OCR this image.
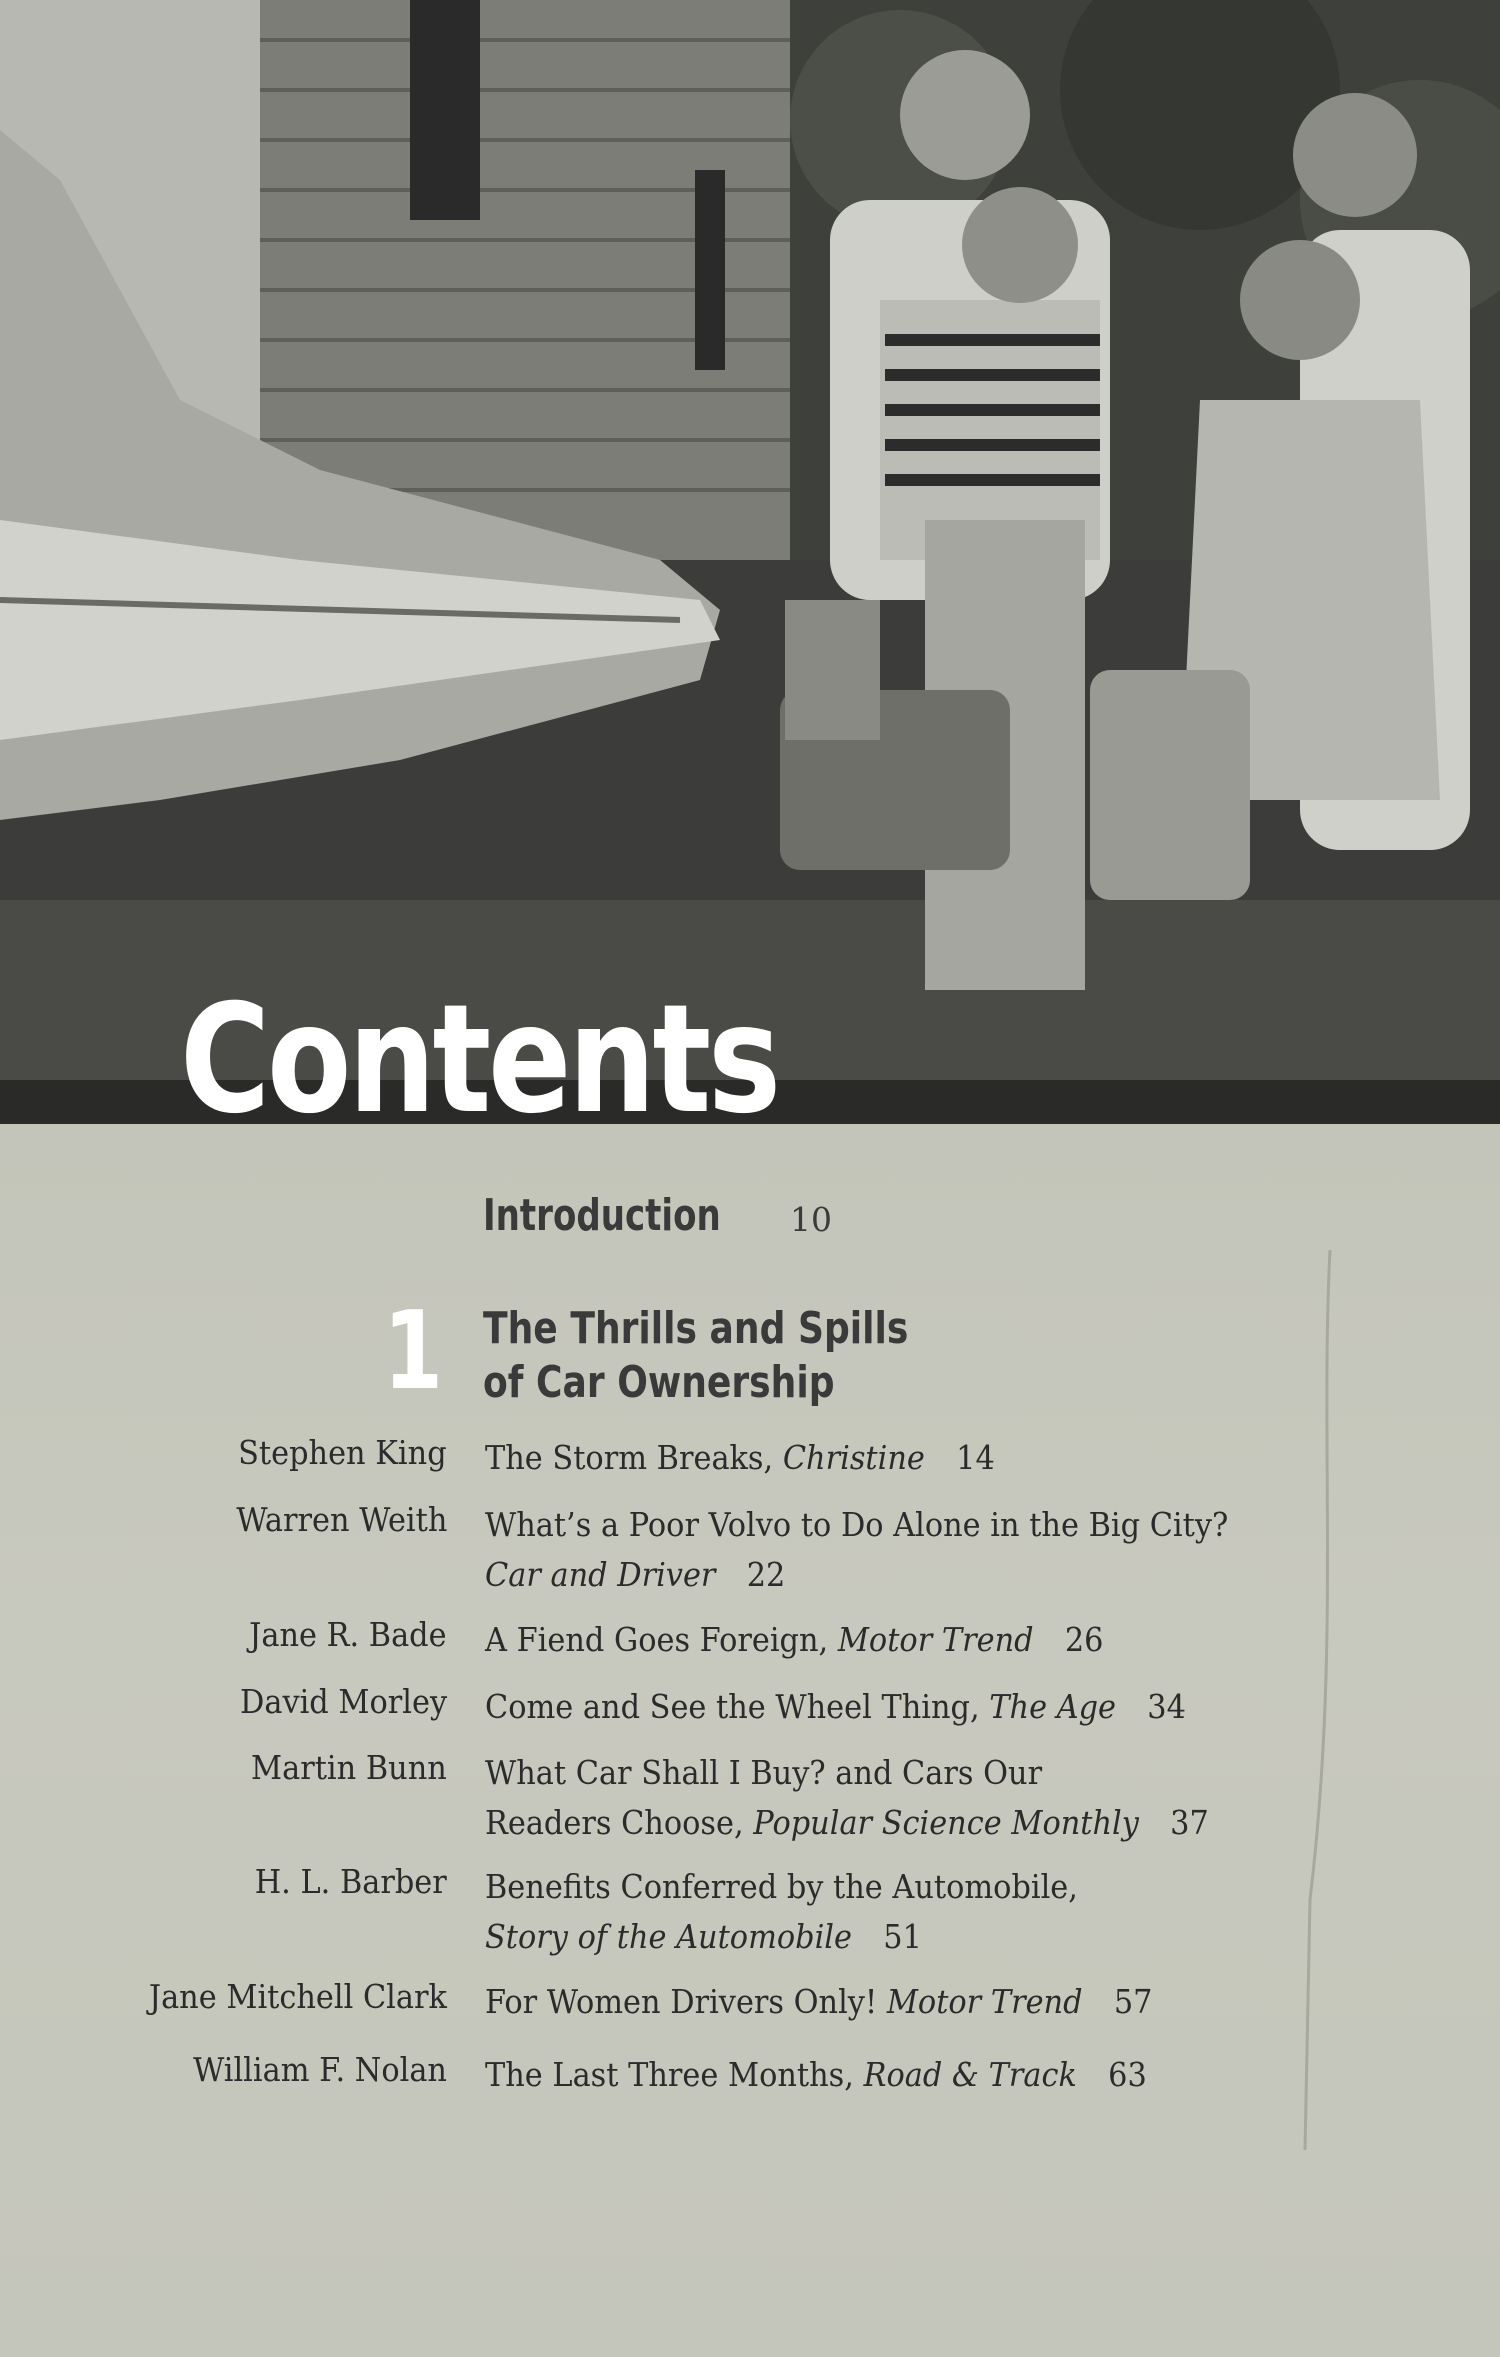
Contents
Introduction 10
1 The Thrills and Spills
of Car Ownership
Stephen King The Storm Breaks, Christine 14
Warren Weith What’s a Poor Volvo to Do Alone in the Big City?
Car and Driver 22
Jane R. Bade A Fiend Goes Foreign, Motor Trend 26
David Morley Come and See the Wheel Thing, The Age 34
Martin Bunn What Car Shall I Buy? and Cars Our
Readers Choose, Popular Science Monthly 37
H. L. Barber Benefits Conferred by the Automobile,
Story of the Automobile 51
Jane Mitchell Clark For Women Drivers Only! Motor Trend 57
William F. Nolan The Last Three Months, Road & Track 63
